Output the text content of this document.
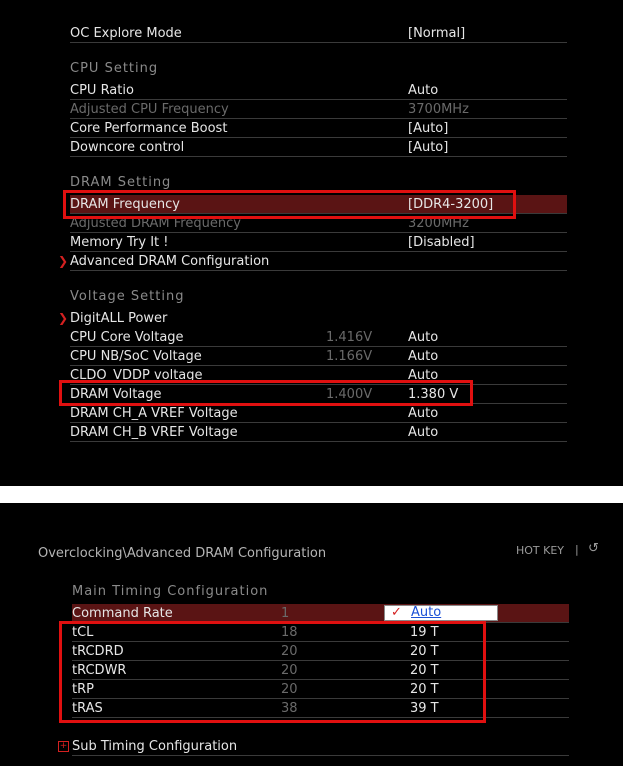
OC Explore Mode	[Normal]
CPU Setting
CPU Ratio	Auto
Adjusted CPU Frequency	3700MHz
Core Performance Boost	[Auto]
Downcore control	[Auto]
DRAM Setting
DRAM Frequency	[DDR4-3200]
Adjusted DRAM Frequency	3200MHz
Memory Try It !	[Disabled]
❯ Advanced DRAM Configuration
Voltage Setting
❯ DigitALL Power
CPU Core Voltage	1.416V	Auto
CPU NB/SoC Voltage	1.166V	Auto
CLDO_VDDP voltage	Auto
DRAM Voltage	1.400V	1.380 V
DRAM CH_A VREF Voltage	Auto
DRAM CH_B VREF Voltage	Auto
Overclocking\Advanced DRAM Configuration	HOT KEY | ↺
Main Timing Configuration
Command Rate	1	✓ Auto
tCL	18	19 T
tRCDRD	20	20 T
tRCDWR	20	20 T
tRP	20	20 T
tRAS	38	39 T
+ Sub Timing Configuration
